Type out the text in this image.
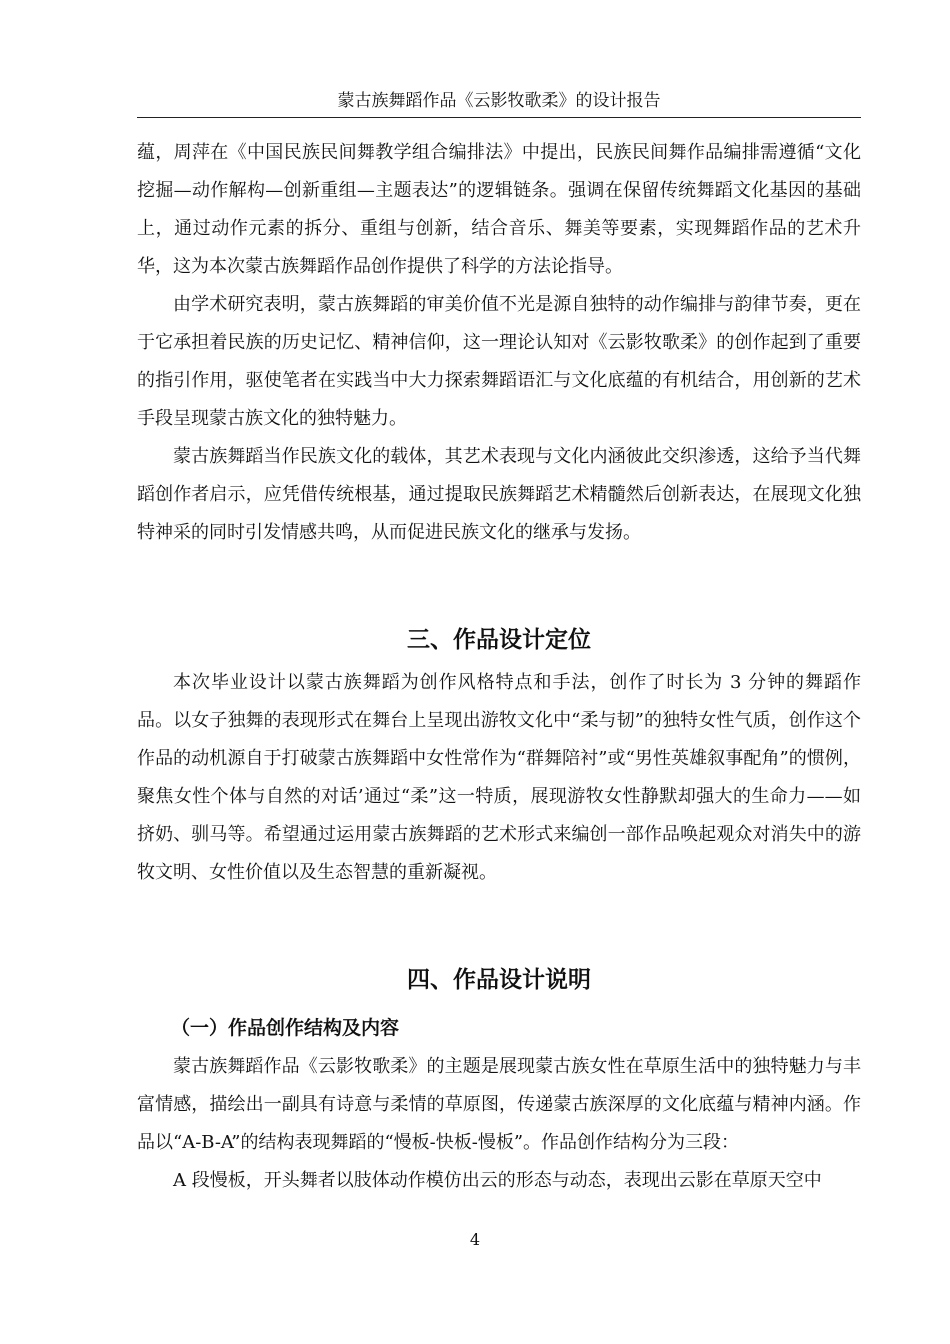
蒙古族舞蹈作品《云影牧歌柔》的设计报告

蕴，周萍在《中国民族民间舞教学组合编排法》中提出，民族民间舞作品编排需遵循“文化挖掘—动作解构—创新重组—主题表达”的逻辑链条。强调在保留传统舞蹈文化基因的基础上，通过动作元素的拆分、重组与创新，结合音乐、舞美等要素，实现舞蹈作品的艺术升华，这为本次蒙古族舞蹈作品创作提供了科学的方法论指导。

由学术研究表明，蒙古族舞蹈的审美价值不光是源自独特的动作编排与韵律节奏，更在于它承担着民族的历史记忆、精神信仰，这一理论认知对《云影牧歌柔》的创作起到了重要的指引作用，驱使笔者在实践当中大力探索舞蹈语汇与文化底蕴的有机结合，用创新的艺术手段呈现蒙古族文化的独特魅力。

蒙古族舞蹈当作民族文化的载体，其艺术表现与文化内涵彼此交织渗透，这给予当代舞蹈创作者启示，应凭借传统根基，通过提取民族舞蹈艺术精髓然后创新表达，在展现文化独特神采的同时引发情感共鸣，从而促进民族文化的继承与发扬。

三、作品设计定位

本次毕业设计以蒙古族舞蹈为创作风格特点和手法，创作了时长为 3 分钟的舞蹈作品。以女子独舞的表现形式在舞台上呈现出游牧文化中“柔与韧”的独特女性气质，创作这个作品的动机源自于打破蒙古族舞蹈中女性常作为“群舞陪衬”或“男性英雄叙事配角”的惯例，聚焦女性个体与自然的对话’通过“柔”这一特质，展现游牧女性静默却强大的生命力——如挤奶、驯马等。希望通过运用蒙古族舞蹈的艺术形式来编创一部作品唤起观众对消失中的游牧文明、女性价值以及生态智慧的重新凝视。

四、作品设计说明
（一）作品创作结构及内容

蒙古族舞蹈作品《云影牧歌柔》的主题是展现蒙古族女性在草原生活中的独特魅力与丰富情感，描绘出一副具有诗意与柔情的草原图，传递蒙古族深厚的文化底蕴与精神内涵。作品以“A-B-A”的结构表现舞蹈的“慢板-快板-慢板”。作品创作结构分为三段：

A 段慢板，开头舞者以肢体动作模仿出云的形态与动态，表现出云影在草原天空中

4
